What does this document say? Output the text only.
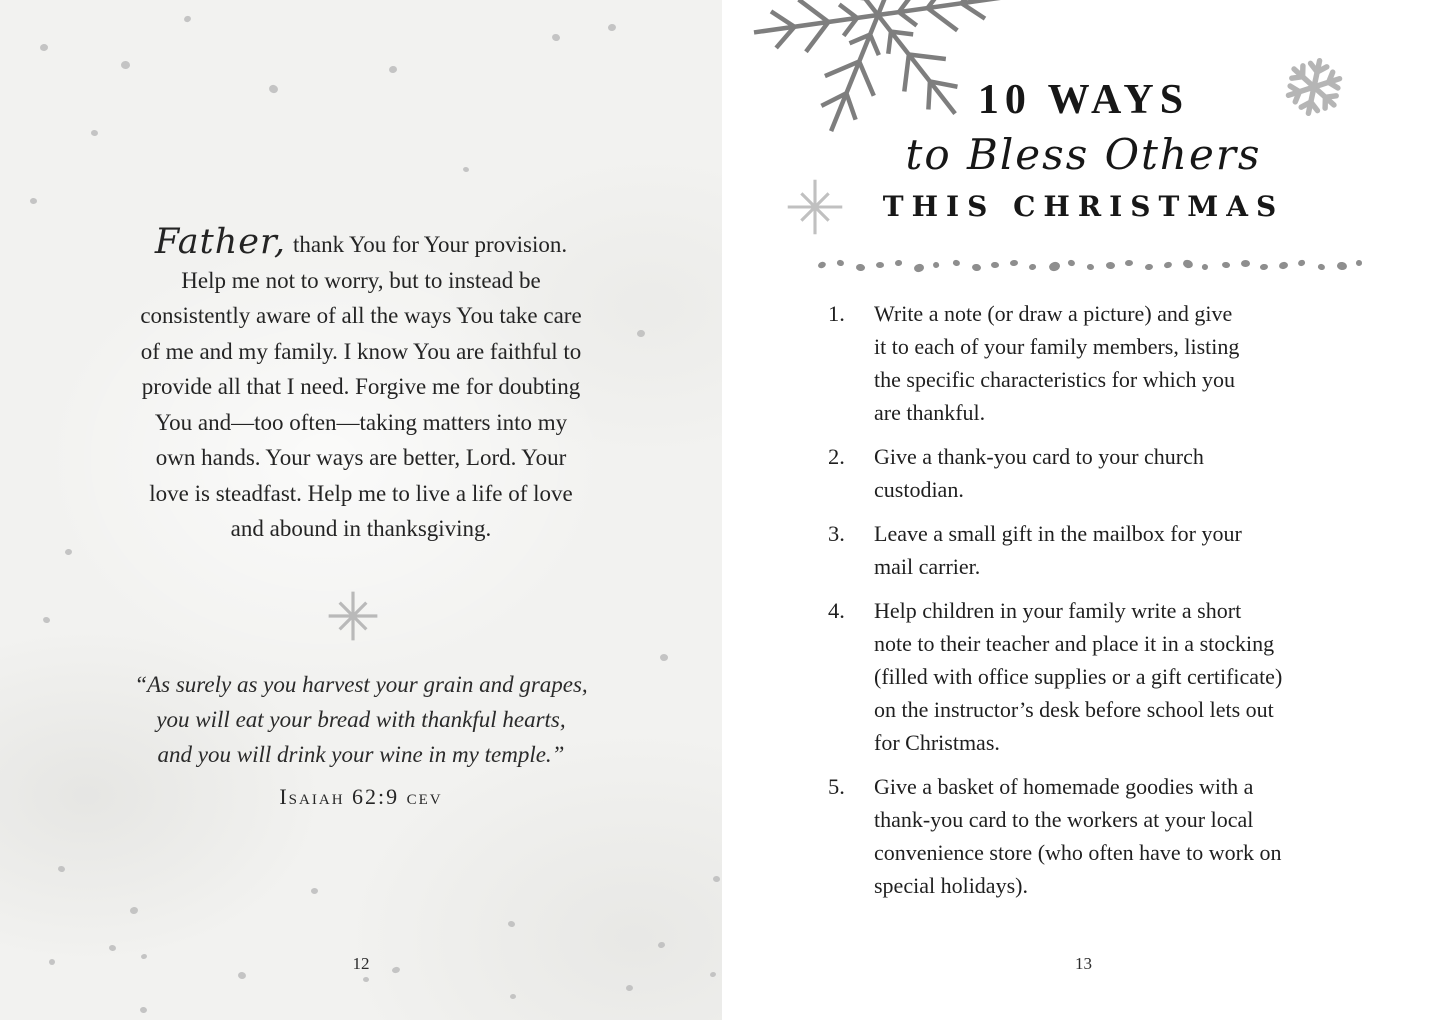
Father, thank You for Your provision.
Help me not to worry, but to instead be
consistently aware of all the ways You take care
of me and my family. I know You are faithful to
provide all that I need. Forgive me for doubting
You and—too often—taking matters into my
own hands. Your ways are better, Lord. Your
love is steadfast. Help me to live a life of love
and abound in thanksgiving.
“As surely as you harvest your grain and grapes,
you will eat your bread with thankful hearts,
and you will drink your wine in my temple.”
Isaiah 62:9 cev
12
10 WAYS
to Bless Others
THIS CHRISTMAS
1.	Write a note (or draw a picture) and give
it to each of your family members, listing
the specific characteristics for which you
are thankful.
2.	Give a thank-you card to your church
custodian.
3.	Leave a small gift in the mailbox for your
mail carrier.
4.	Help children in your family write a short
note to their teacher and place it in a stocking
(filled with office supplies or a gift certificate)
on the instructor’s desk before school lets out
for Christmas.
5.	Give a basket of homemade goodies with a
thank-you card to the workers at your local
convenience store (who often have to work on
special holidays).
13
